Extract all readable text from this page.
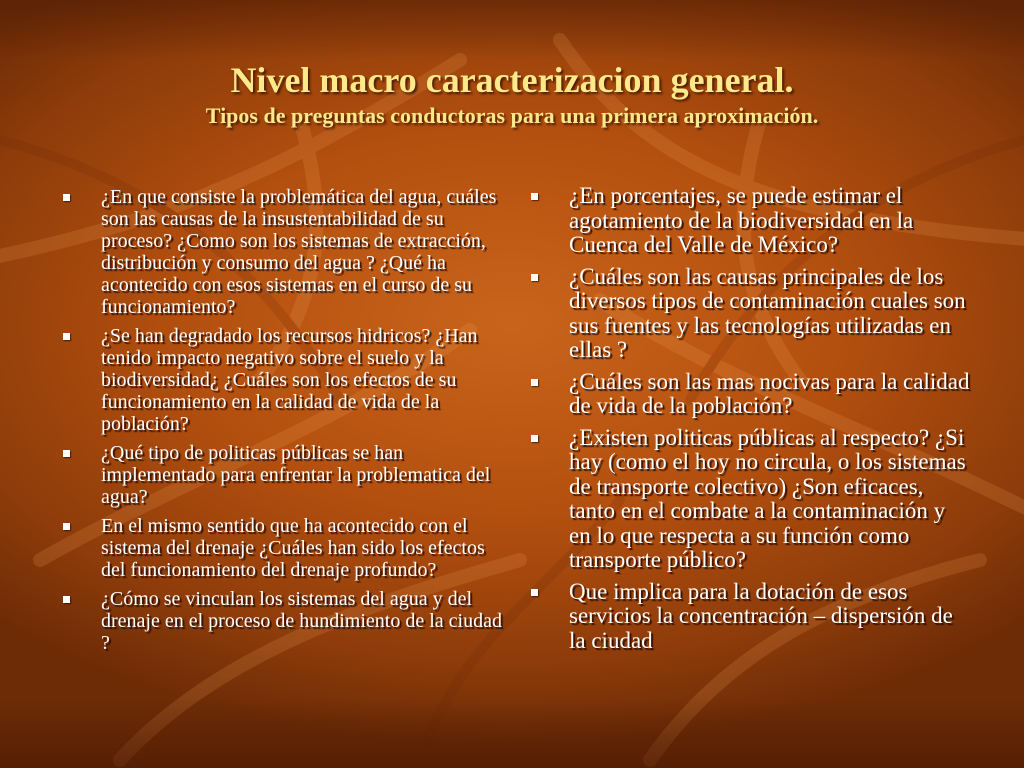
Nivel macro caracterizacion general.
Tipos de preguntas conductoras para una primera aproximación.
¿En que consiste la problemática del agua, cuáles son las causas de la insustentabilidad de su proceso? ¿Como son los sistemas de extracción, distribución y consumo del agua ? ¿Qué ha acontecido con esos sistemas en el curso de su funcionamiento?
¿Se han degradado los recursos hidricos? ¿Han tenido impacto negativo sobre el suelo y la biodiversidad¿ ¿Cuáles son los efectos de su funcionamiento en la calidad de vida de la población?
¿Qué tipo de politicas públicas se han implementado para enfrentar la problematica del agua?
En el mismo sentido que ha acontecido con el sistema del drenaje ¿Cuáles han sido los efectos del funcionamiento del drenaje profundo?
¿Cómo se vinculan los sistemas del agua y del drenaje en el proceso de hundimiento de la ciudad ?
¿En porcentajes, se puede estimar el agotamiento de la biodiversidad en la Cuenca del Valle de México?
¿Cuáles son las causas principales de los diversos tipos de contaminación cuales son sus fuentes y las tecnologías utilizadas en ellas ?
¿Cuáles son las mas nocivas para la calidad de vida de la población?
¿Existen politicas públicas al respecto? ¿Si hay (como el hoy no circula, o los sistemas de transporte colectivo) ¿Son eficaces, tanto en el combate a la contaminación y en lo que respecta a su función como transporte público?
Que implica para la dotación de esos servicios la concentración – dispersión de la ciudad
